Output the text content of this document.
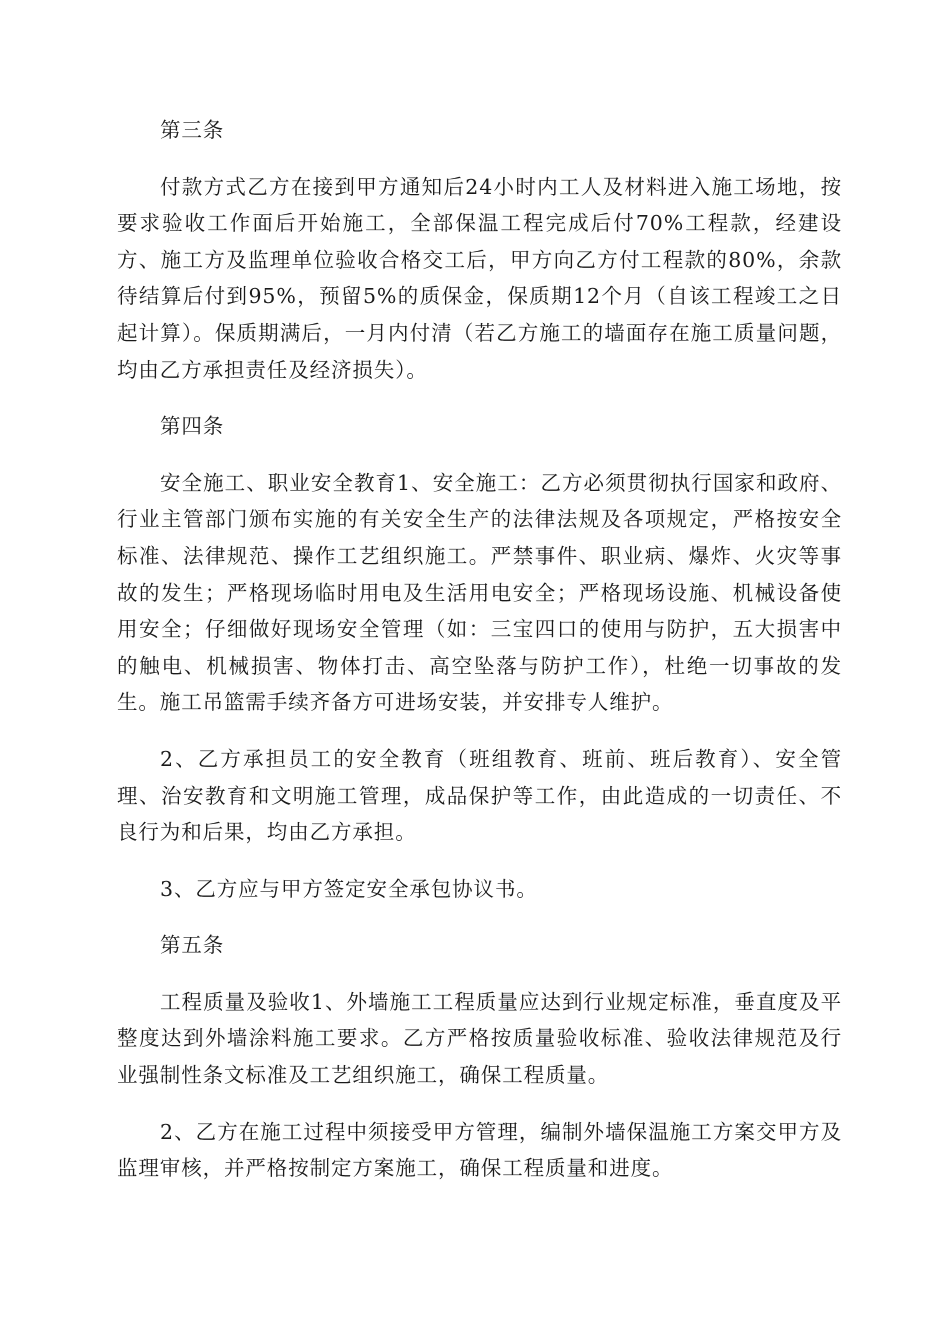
第三条

付款方式乙方在接到甲方通知后24小时内工人及材料进入施工场地，按要求验收工作面后开始施工，全部保温工程完成后付70%工程款，经建设方、施工方及监理单位验收合格交工后，甲方向乙方付工程款的80%，余款待结算后付到95%，预留5%的质保金，保质期12个月（自该工程竣工之日起计算）。保质期满后，一月内付清（若乙方施工的墙面存在施工质量问题，均由乙方承担责任及经济损失）。

第四条

安全施工、职业安全教育1、安全施工：乙方必须贯彻执行国家和政府、行业主管部门颁布实施的有关安全生产的法律法规及各项规定，严格按安全标准、法律规范、操作工艺组织施工。严禁事件、职业病、爆炸、火灾等事故的发生；严格现场临时用电及生活用电安全；严格现场设施、机械设备使用安全；仔细做好现场安全管理（如：三宝四口的使用与防护，五大损害中的触电、机械损害、物体打击、高空坠落与防护工作），杜绝一切事故的发生。施工吊篮需手续齐备方可进场安装，并安排专人维护。

2、乙方承担员工的安全教育（班组教育、班前、班后教育）、安全管理、治安教育和文明施工管理，成品保护等工作，由此造成的一切责任、不良行为和后果，均由乙方承担。

3、乙方应与甲方签定安全承包协议书。

第五条

工程质量及验收1、外墙施工工程质量应达到行业规定标准，垂直度及平整度达到外墙涂料施工要求。乙方严格按质量验收标准、验收法律规范及行业强制性条文标准及工艺组织施工，确保工程质量。

2、乙方在施工过程中须接受甲方管理，编制外墙保温施工方案交甲方及监理审核，并严格按制定方案施工，确保工程质量和进度。
